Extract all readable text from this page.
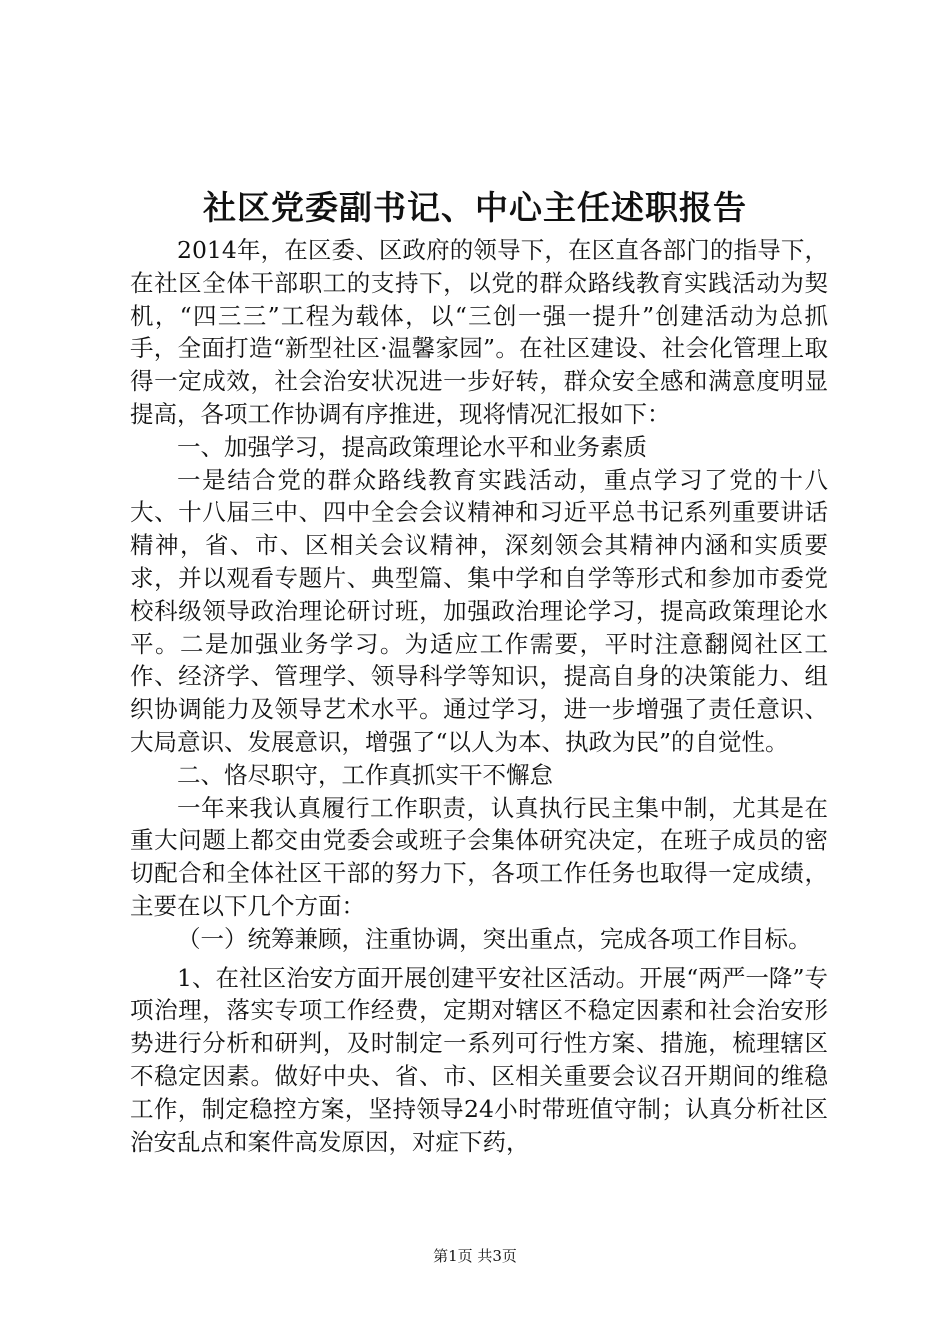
社区党委副书记、中心主任述职报告

2014年，在区委、区政府的领导下，在区直各部门的指导下，在社区全体干部职工的支持下，以党的群众路线教育实践活动为契机，“四三三”工程为载体，以“三创一强一提升”创建活动为总抓手，全面打造“新型社区·温馨家园”。在社区建设、社会化管理上取得一定成效，社会治安状况进一步好转，群众安全感和满意度明显提高，各项工作协调有序推进，现将情况汇报如下：

一、加强学习，提高政策理论水平和业务素质

一是结合党的群众路线教育实践活动，重点学习了党的十八大、十八届三中、四中全会会议精神和习近平总书记系列重要讲话精神，省、市、区相关会议精神，深刻领会其精神内涵和实质要求，并以观看专题片、典型篇、集中学和自学等形式和参加市委党校科级领导政治理论研讨班，加强政治理论学习，提高政策理论水平。二是加强业务学习。为适应工作需要，平时注意翻阅社区工作、经济学、管理学、领导科学等知识，提高自身的决策能力、组织协调能力及领导艺术水平。通过学习，进一步增强了责任意识、大局意识、发展意识，增强了“以人为本、执政为民”的自觉性。

二、恪尽职守，工作真抓实干不懈怠

一年来我认真履行工作职责，认真执行民主集中制，尤其是在重大问题上都交由党委会或班子会集体研究决定，在班子成员的密切配合和全体社区干部的努力下，各项工作任务也取得一定成绩，主要在以下几个方面：

（一）统筹兼顾，注重协调，突出重点，完成各项工作目标。

1、在社区治安方面开展创建平安社区活动。开展“两严一降”专项治理，落实专项工作经费，定期对辖区不稳定因素和社会治安形势进行分析和研判，及时制定一系列可行性方案、措施，梳理辖区不稳定因素。做好中央、省、市、区相关重要会议召开期间的维稳工作，制定稳控方案，坚持领导24小时带班值守制；认真分析社区治安乱点和案件高发原因，对症下药，

第1页 共3页
